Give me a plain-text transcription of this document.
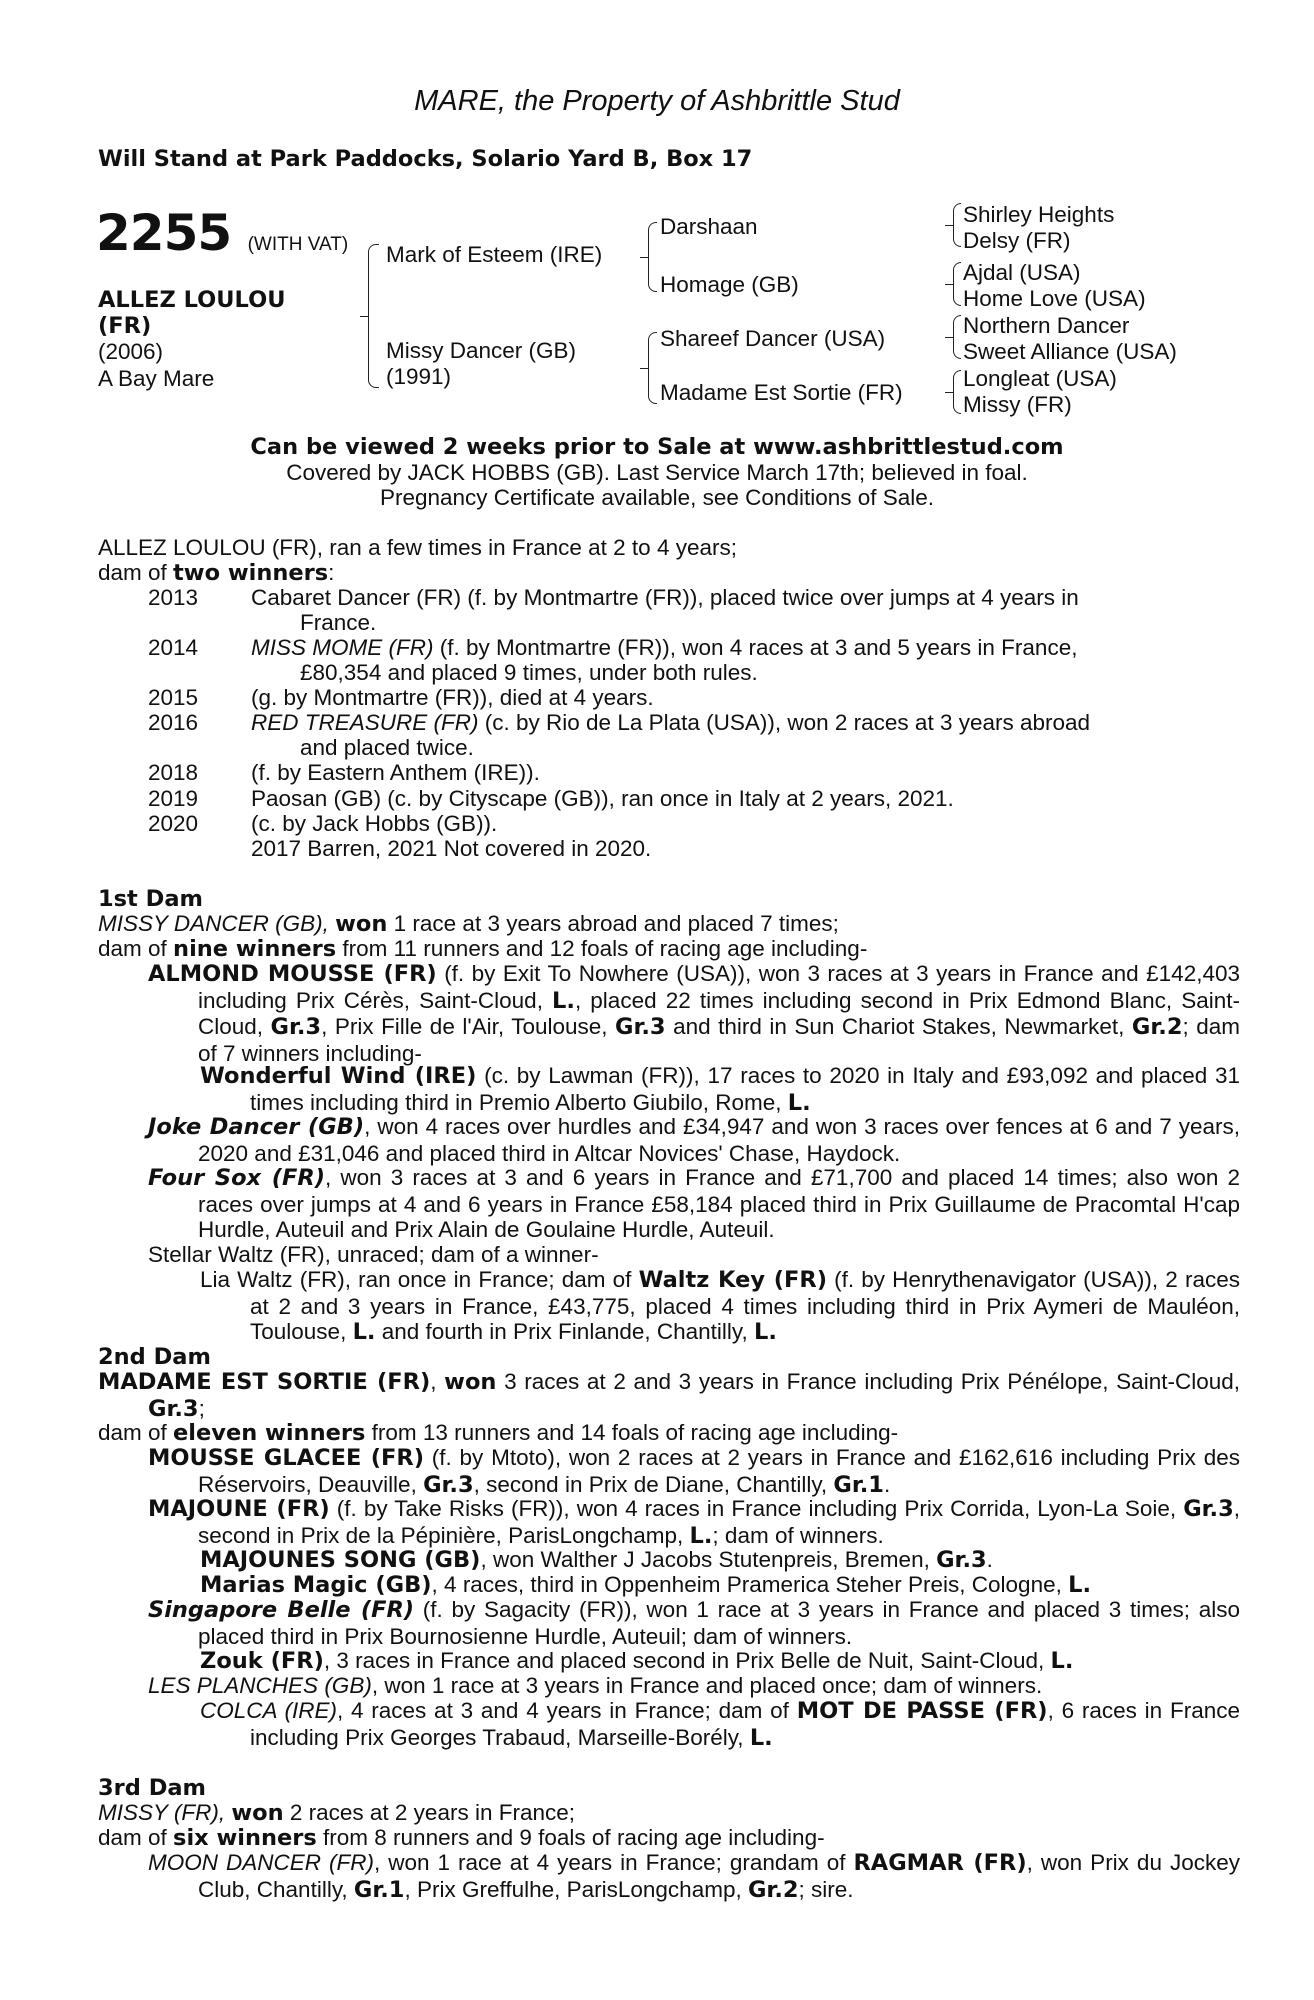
MARE, the Property of Ashbrittle Stud
Will Stand at Park Paddocks, Solario Yard B, Box 17
2255 (WITH VAT)
ALLEZ LOULOU
(FR)
(2006)
A Bay Mare
Mark of Esteem (IRE)
Missy Dancer (GB)
(1991)
Darshaan
Homage (GB)
Shareef Dancer (USA)
Madame Est Sortie (FR)
Shirley Heights
Delsy (FR)
Ajdal (USA)
Home Love (USA)
Northern Dancer
Sweet Alliance (USA)
Longleat (USA)
Missy (FR)
Can be viewed 2 weeks prior to Sale at www.ashbrittlestud.com
Covered by JACK HOBBS (GB). Last Service March 17th; believed in foal.
Pregnancy Certificate available, see Conditions of Sale.
ALLEZ LOULOU (FR), ran a few times in France at 2 to 4 years;
dam of two winners:
2013 Cabaret Dancer (FR) (f. by Montmartre (FR)), placed twice over jumps at 4 years in
France.
2014 MISS MOME (FR) (f. by Montmartre (FR)), won 4 races at 3 and 5 years in France,
£80,354 and placed 9 times, under both rules.
2015 (g. by Montmartre (FR)), died at 4 years.
2016 RED TREASURE (FR) (c. by Rio de La Plata (USA)), won 2 races at 3 years abroad
and placed twice.
2018 (f. by Eastern Anthem (IRE)).
2019 Paosan (GB) (c. by Cityscape (GB)), ran once in Italy at 2 years, 2021.
2020 (c. by Jack Hobbs (GB)).
2017 Barren, 2021 Not covered in 2020.
1st Dam
MISSY DANCER (GB), won 1 race at 3 years abroad and placed 7 times;
dam of nine winners from 11 runners and 12 foals of racing age including-

ALMOND MOUSSE (FR) (f. by Exit To Nowhere (USA)), won 3 races at 3 years in France and £142,403 including Prix Cérès, Saint-Cloud, L., placed 22 times including second in Prix Edmond Blanc, Saint-Cloud, Gr.3, Prix Fille de l'Air, Toulouse, Gr.3 and third in Sun Chariot Stakes, Newmarket, Gr.2; dam of 7 winners including-

Wonderful Wind (IRE) (c. by Lawman (FR)), 17 races to 2020 in Italy and £93,092 and placed 31 times including third in Premio Alberto Giubilo, Rome, L.

Joke Dancer (GB), won 4 races over hurdles and £34,947 and won 3 races over fences at 6 and 7 years, 2020 and £31,046 and placed third in Altcar Novices' Chase, Haydock.

Four Sox (FR), won 3 races at 3 and 6 years in France and £71,700 and placed 14 times; also won 2 races over jumps at 4 and 6 years in France £58,184 placed third in Prix Guillaume de Pracomtal H'cap Hurdle, Auteuil and Prix Alain de Goulaine Hurdle, Auteuil.

Stellar Waltz (FR), unraced; dam of a winner-

Lia Waltz (FR), ran once in France; dam of Waltz Key (FR) (f. by Henrythenavigator (USA)), 2 races at 2 and 3 years in France, £43,775, placed 4 times including third in Prix Aymeri de Mauléon, Toulouse, L. and fourth in Prix Finlande, Chantilly, L.

2nd Dam

MADAME EST SORTIE (FR), won 3 races at 2 and 3 years in France including Prix Pénélope, Saint-Cloud, Gr.3;

dam of eleven winners from 13 runners and 14 foals of racing age including-

MOUSSE GLACEE (FR) (f. by Mtoto), won 2 races at 2 years in France and £162,616 including Prix des Réservoirs, Deauville, Gr.3, second in Prix de Diane, Chantilly, Gr.1.

MAJOUNE (FR) (f. by Take Risks (FR)), won 4 races in France including Prix Corrida, Lyon-La Soie, Gr.3, second in Prix de la Pépinière, ParisLongchamp, L.; dam of winners.

MAJOUNES SONG (GB), won Walther J Jacobs Stutenpreis, Bremen, Gr.3.
Marias Magic (GB), 4 races, third in Oppenheim Pramerica Steher Preis, Cologne, L.

Singapore Belle (FR) (f. by Sagacity (FR)), won 1 race at 3 years in France and placed 3 times; also placed third in Prix Bournosienne Hurdle, Auteuil; dam of winners.

Zouk (FR), 3 races in France and placed second in Prix Belle de Nuit, Saint-Cloud, L.
LES PLANCHES (GB), won 1 race at 3 years in France and placed once; dam of winners.

COLCA (IRE), 4 races at 3 and 4 years in France; dam of MOT DE PASSE (FR), 6 races in France including Prix Georges Trabaud, Marseille-Borély, L.

3rd Dam
MISSY (FR), won 2 races at 2 years in France;
dam of six winners from 8 runners and 9 foals of racing age including-

MOON DANCER (FR), won 1 race at 4 years in France; grandam of RAGMAR (FR), won Prix du Jockey Club, Chantilly, Gr.1, Prix Greffulhe, ParisLongchamp, Gr.2; sire.
